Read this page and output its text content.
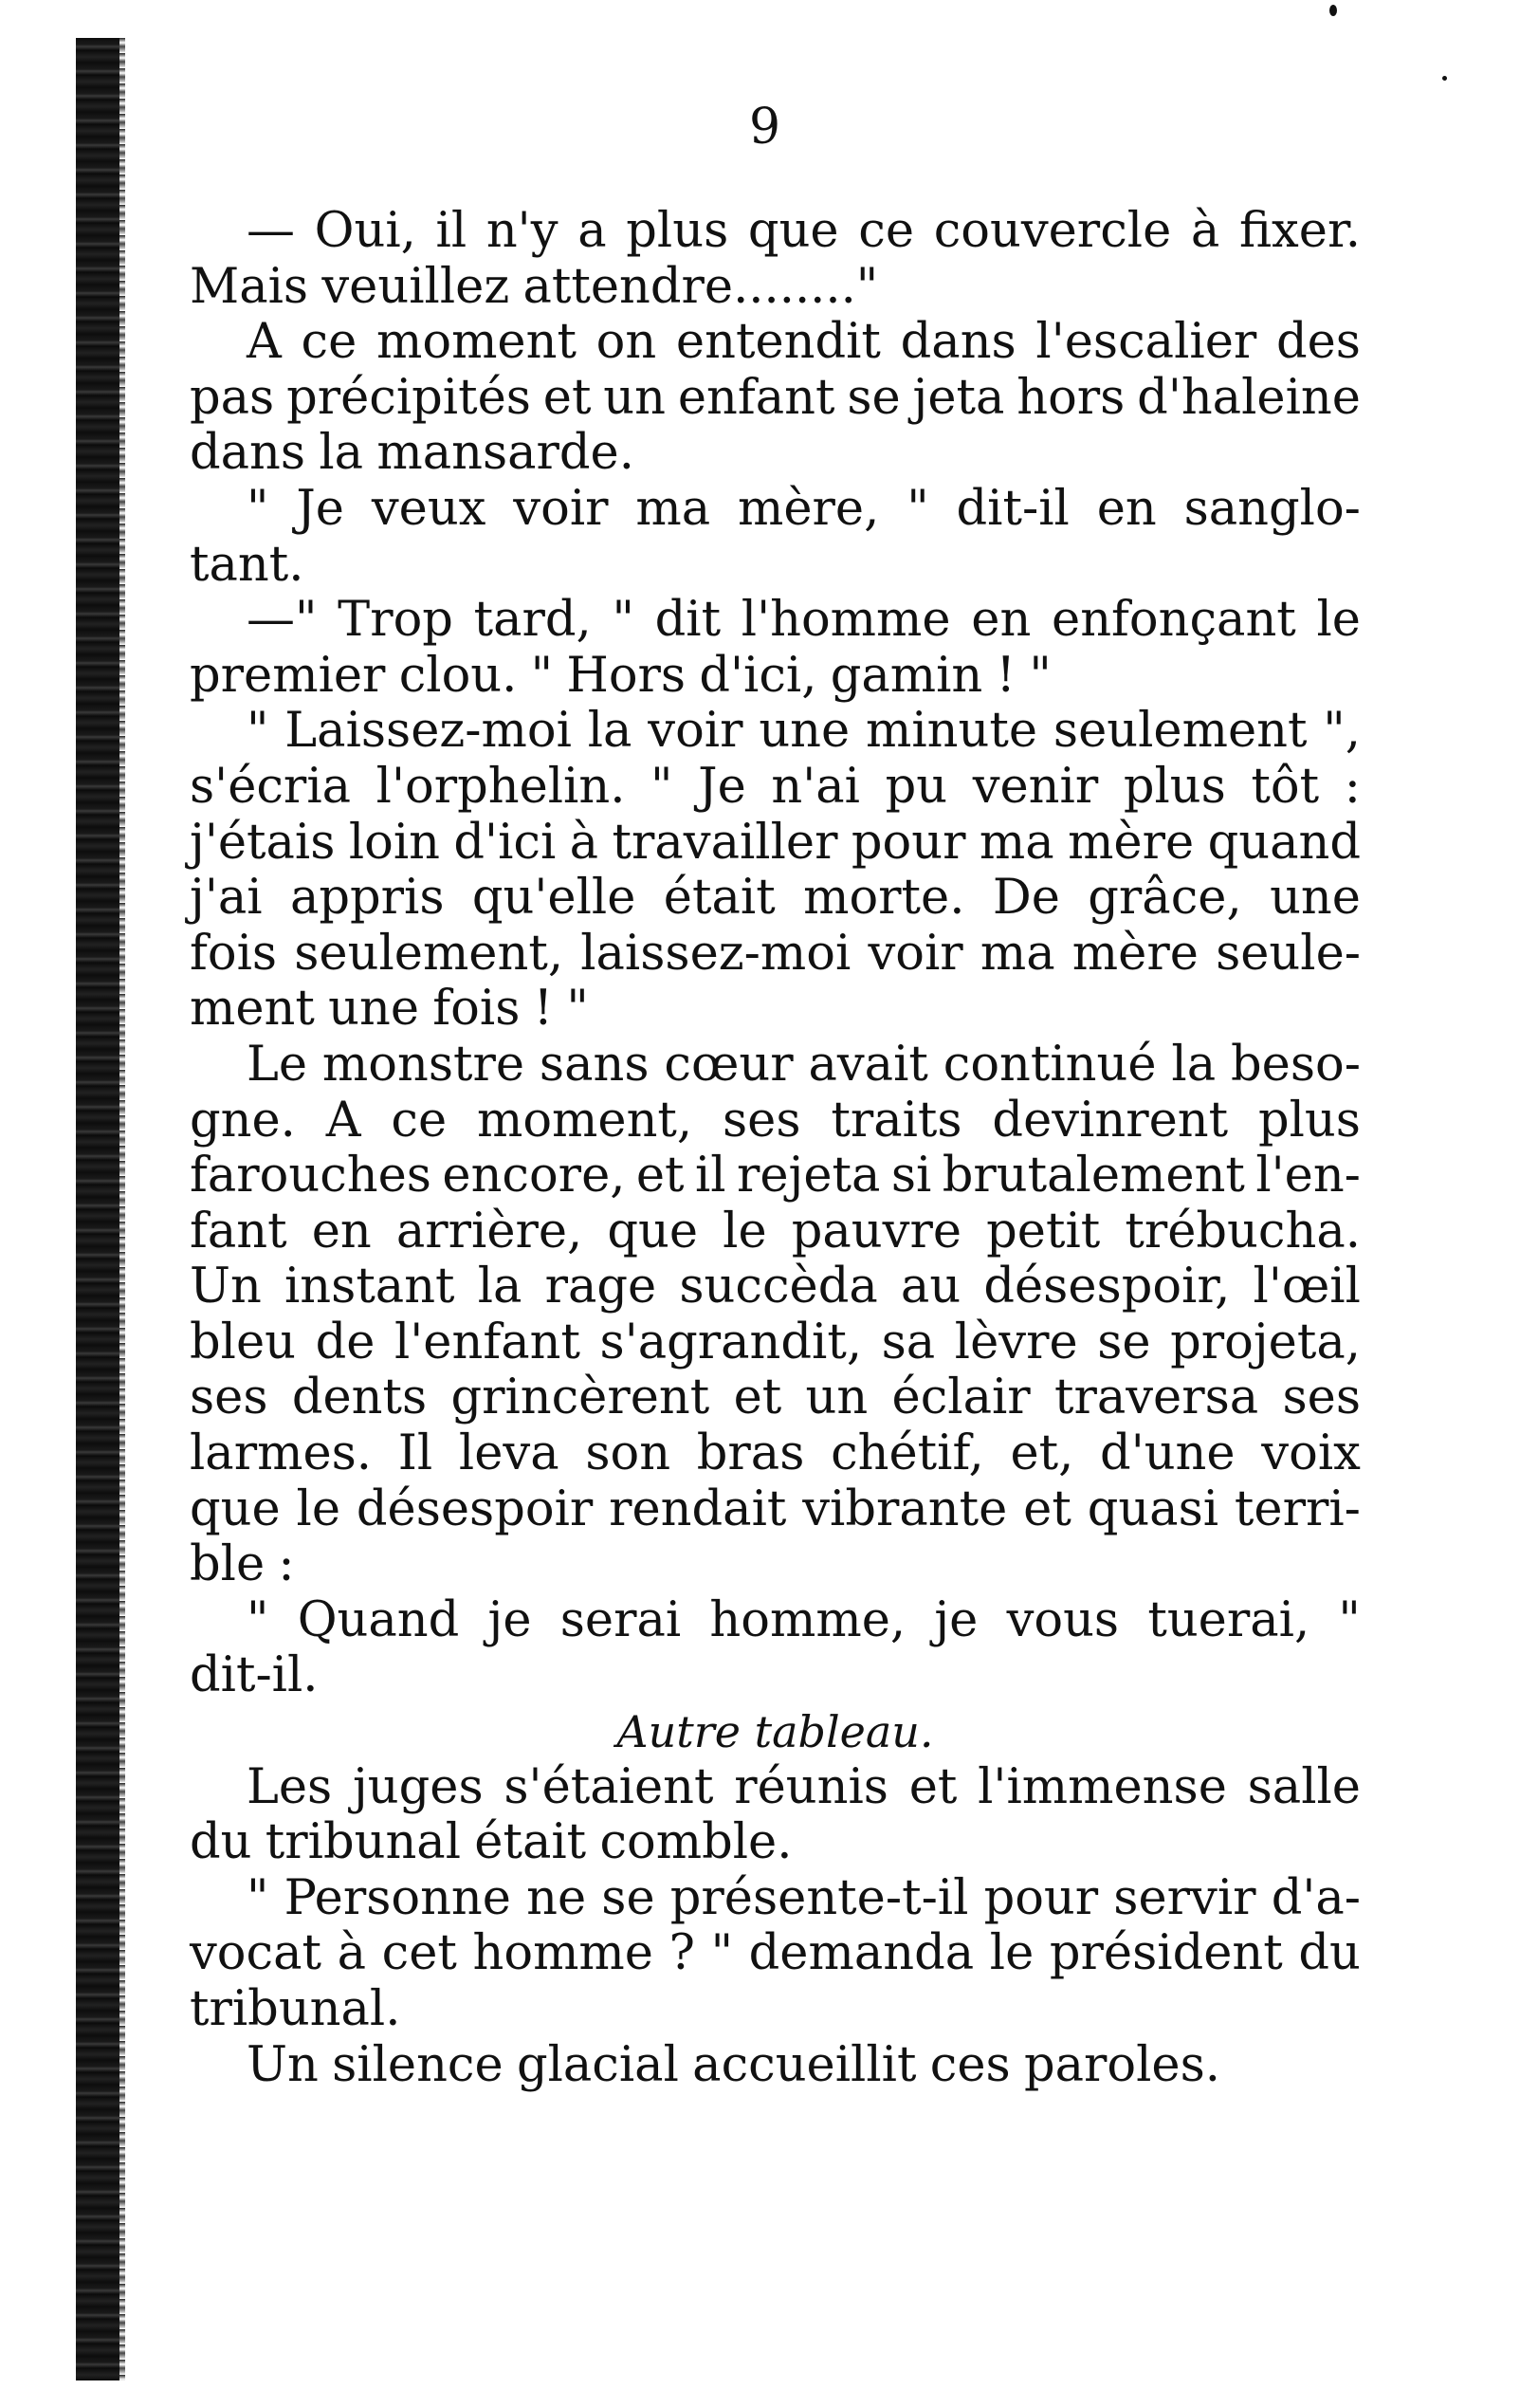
9
— Oui, il n'y a plus que ce couvercle à fixer.
Mais veuillez attendre........"
A ce moment on entendit dans l'escalier des
pas précipités et un enfant se jeta hors d'haleine
dans la mansarde.
" Je veux voir ma mère, " dit-il en sanglo-
tant.
—" Trop tard, " dit l'homme en enfonçant le
premier clou. " Hors d'ici, gamin ! "
" Laissez-moi la voir une minute seulement ",
s'écria l'orphelin. " Je n'ai pu venir plus tôt :
j'étais loin d'ici à travailler pour ma mère quand
j'ai appris qu'elle était morte. De grâce, une
fois seulement, laissez-moi voir ma mère seule-
ment une fois ! "
Le monstre sans cœur avait continué la beso-
gne. A ce moment, ses traits devinrent plus
farouches encore, et il rejeta si brutalement l'en-
fant en arrière, que le pauvre petit trébucha.
Un instant la rage succèda au désespoir, l'œil
bleu de l'enfant s'agrandit, sa lèvre se projeta,
ses dents grincèrent et un éclair traversa ses
larmes. Il leva son bras chétif, et, d'une voix
que le désespoir rendait vibrante et quasi terri-
ble :
" Quand je serai homme, je vous tuerai, "
dit-il.
Autre tableau.
Les juges s'étaient réunis et l'immense salle
du tribunal était comble.
" Personne ne se présente-t-il pour servir d'a-
vocat à cet homme ? " demanda le président du
tribunal.
Un silence glacial accueillit ces paroles.
